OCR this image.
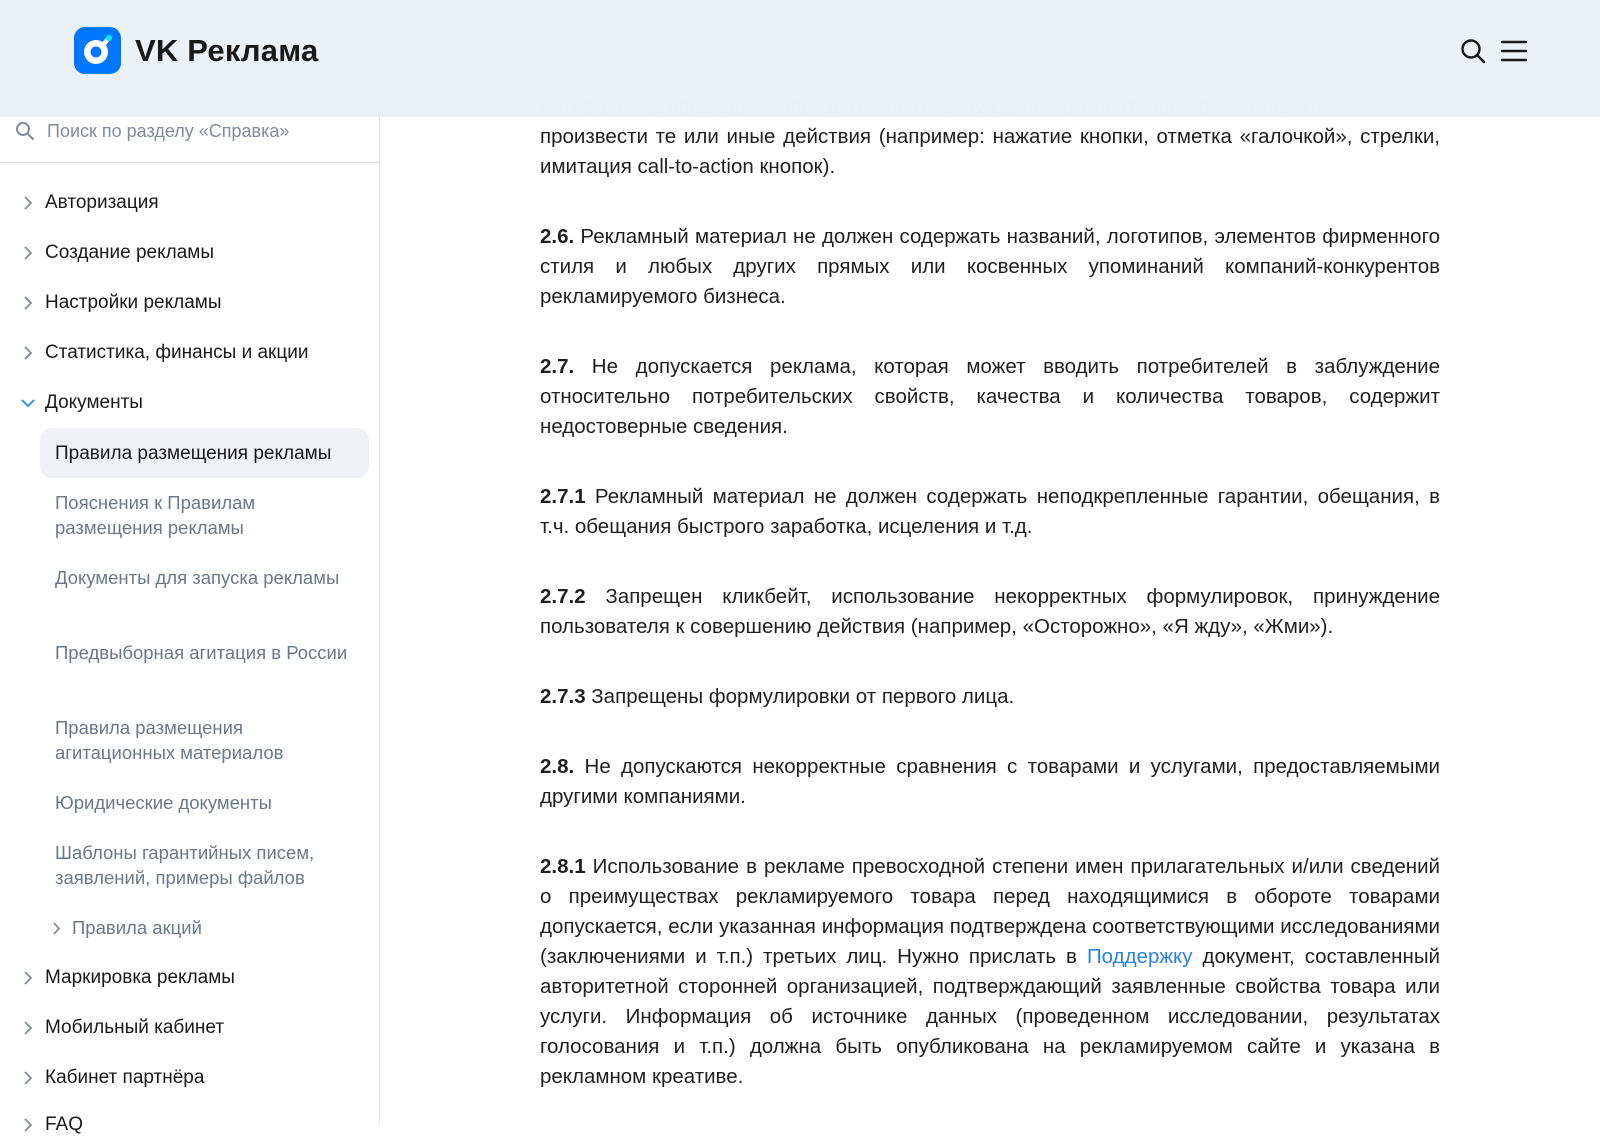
Поиск по разделу «Справка»
Авторизация
Создание рекламы
Настройки рекламы
Статистика, финансы и акции
Документы
Правила размещения рекламы
Пояснения к Правилам размещения рекламы
Документы для запуска рекламы
Предвыборная агитация в России
Правила размещения агитационных материалов
Юридические документы
Шаблоны гарантийных писем, заявлений, примеры файлов
Правила акций
Маркировка рекламы
Мобильный кабинет
Кабинет партнёра
FAQ

произвести те или иные действия (например: нажатие кнопки, отметка «галочкой», стрелки, имитация call-to-action кнопок).

2.6. Рекламный материал не должен содержать названий, логотипов, элементов фирменного стиля и любых других прямых или косвенных упоминаний компаний-конкурентов рекламируемого бизнеса.

2.7. Не допускается реклама, которая может вводить потребителей в заблуждение относительно потребительских свойств, качества и количества товаров, содержит недостоверные сведения.

2.7.1 Рекламный материал не должен содержать неподкрепленные гарантии, обещания, в т.ч. обещания быстрого заработка, исцеления и т.д.

2.7.2 Запрещен кликбейт, использование некорректных формулировок, принуждение пользователя к совершению действия (например, «Осторожно», «Я жду», «Жми»).

2.7.3 Запрещены формулировки от первого лица.

2.8. Не допускаются некорректные сравнения с товарами и услугами, предоставляемыми другими компаниями.

2.8.1 Использование в рекламе превосходной степени имен прилагательных и/или сведений о преимуществах рекламируемого товара перед находящимися в обороте товарами допускается, если указанная информация подтверждена соответствующими исследованиями (заключениями и т.п.) третьих лиц. Нужно прислать в Поддержку документ, составленный авторитетной сторонней организацией, подтверждающий заявленные свойства товара или услуги. Информация об источнике данных (проведенном исследовании, результатах голосования и т.п.) должна быть опубликована на рекламируемом сайте и указана в рекламном креативе.

VK Реклама
